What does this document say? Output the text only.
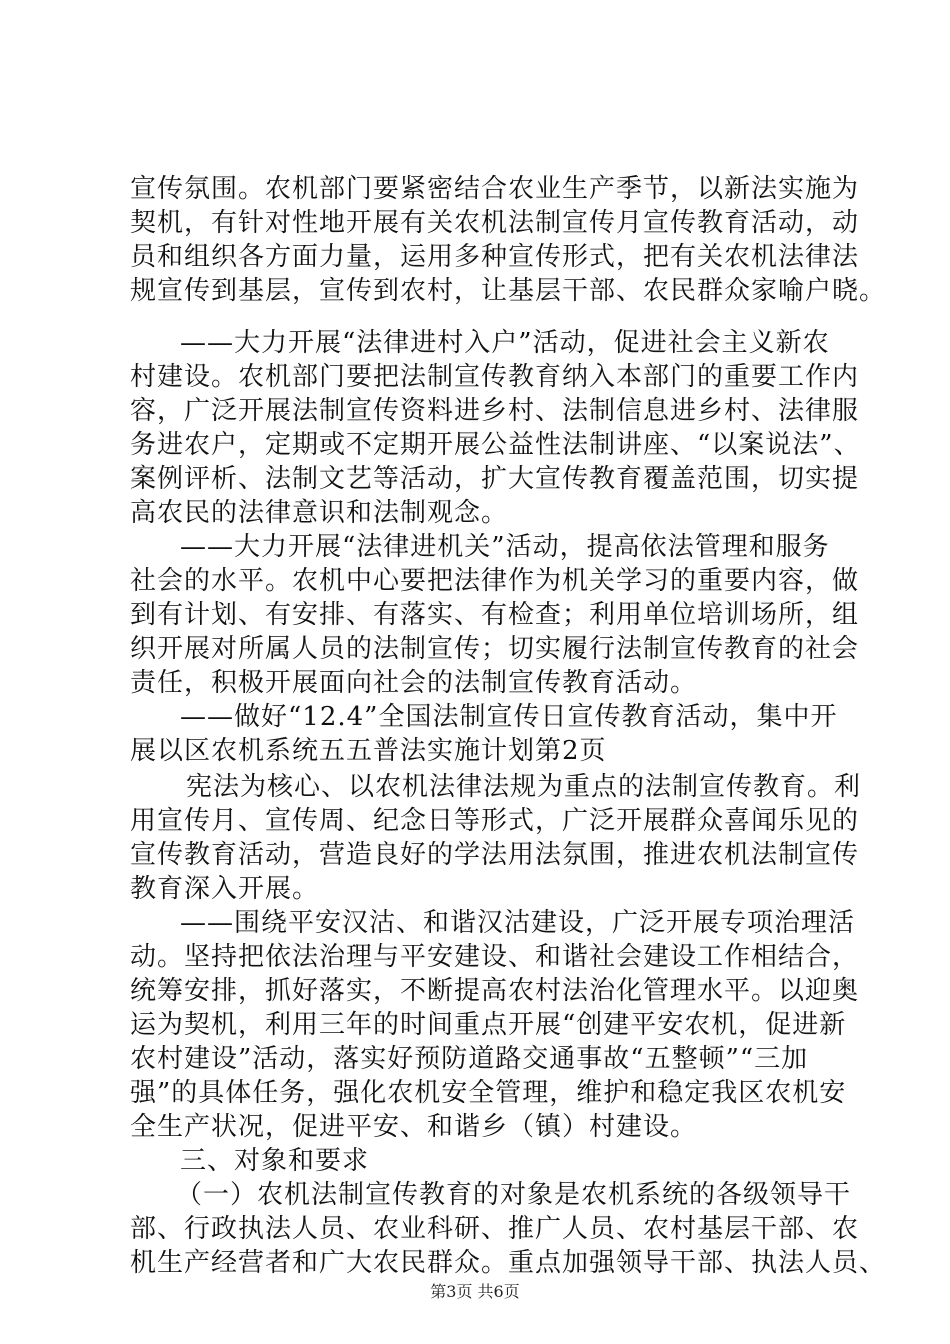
宣传氛围。农机部门要紧密结合农业生产季节，以新法实施为
契机，有针对性地开展有关农机法制宣传月宣传教育活动，动
员和组织各方面力量，运用多种宣传形式，把有关农机法律法
规宣传到基层，宣传到农村，让基层干部、农民群众家喻户晓。
——大力开展“法律进村入户”活动，促进社会主义新农
村建设。农机部门要把法制宣传教育纳入本部门的重要工作内
容，广泛开展法制宣传资料进乡村、法制信息进乡村、法律服
务进农户，定期或不定期开展公益性法制讲座、“以案说法”、
案例评析、法制文艺等活动，扩大宣传教育覆盖范围，切实提
高农民的法律意识和法制观念。
——大力开展“法律进机关”活动，提高依法管理和服务
社会的水平。农机中心要把法律作为机关学习的重要内容，做
到有计划、有安排、有落实、有检查；利用单位培训场所，组
织开展对所属人员的法制宣传；切实履行法制宣传教育的社会
责任，积极开展面向社会的法制宣传教育活动。
——做好“12.4”全国法制宣传日宣传教育活动，集中开
展以区农机系统五五普法实施计划第2页
宪法为核心、以农机法律法规为重点的法制宣传教育。利
用宣传月、宣传周、纪念日等形式，广泛开展群众喜闻乐见的
宣传教育活动，营造良好的学法用法氛围，推进农机法制宣传
教育深入开展。
——围绕平安汉沽、和谐汉沽建设，广泛开展专项治理活
动。坚持把依法治理与平安建设、和谐社会建设工作相结合，
统筹安排，抓好落实，不断提高农村法治化管理水平。以迎奥
运为契机，利用三年的时间重点开展“创建平安农机，促进新
农村建设”活动，落实好预防道路交通事故“五整顿”“三加
强”的具体任务，强化农机安全管理，维护和稳定我区农机安
全生产状况，促进平安、和谐乡（镇）村建设。
三、对象和要求
（一）农机法制宣传教育的对象是农机系统的各级领导干
部、行政执法人员、农业科研、推广人员、农村基层干部、农
机生产经营者和广大农民群众。重点加强领导干部、执法人员、
第3页 共6页
